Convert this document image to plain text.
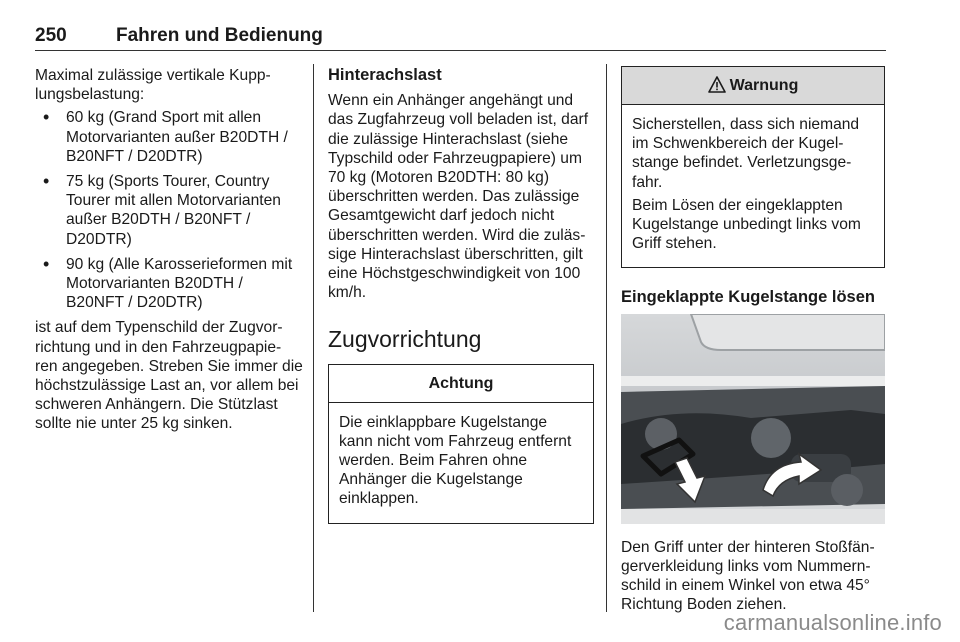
250	Fahren und Bedienung

Maximal zulässige vertikale Kupp-lungsbelastung:

• 60 kg (Grand Sport mit allen Motorvarianten außer B20DTH / B20NFT / D20DTR)
• 75 kg (Sports Tourer, Country Tourer mit allen Motorvarianten außer B20DTH / B20NFT / D20DTR)
• 90 kg (Alle Karosserieformen mit Motorvarianten B20DTH / B20NFT / D20DTR)

ist auf dem Typenschild der Zugvor-richtung und in den Fahrzeugpapie-ren angegeben. Streben Sie immer die höchstzulässige Last an, vor allem bei schweren Anhängern. Die Stützlast sollte nie unter 25 kg sinken.

Hinterachslast

Wenn ein Anhänger angehängt und das Zugfahrzeug voll beladen ist, darf die zulässige Hinterachslast (siehe Typschild oder Fahrzeugpapiere) um 70 kg (Motoren B20DTH: 80 kg) überschritten werden. Das zulässige Gesamtgewicht darf jedoch nicht überschritten werden. Wird die zuläs-sige Hinterachslast überschritten, gilt eine Höchstgeschwindigkeit von 100 km/h.

Zugvorrichtung
Achtung

Die einklappbare Kugelstange kann nicht vom Fahrzeug entfernt werden. Beim Fahren ohne Anhänger die Kugelstange einklappen.

Warnung

Sicherstellen, dass sich niemand im Schwenkbereich der Kugel-stange befindet. Verletzungsge-fahr.

Beim Lösen der eingeklappten Kugelstange unbedingt links vom Griff stehen.

Eingeklappte Kugelstange lösen

Den Griff unter der hinteren Stoßfän-gerverkleidung links vom Nummern-schild in einem Winkel von etwa 45° Richtung Boden ziehen.

carmanualsonline.info
